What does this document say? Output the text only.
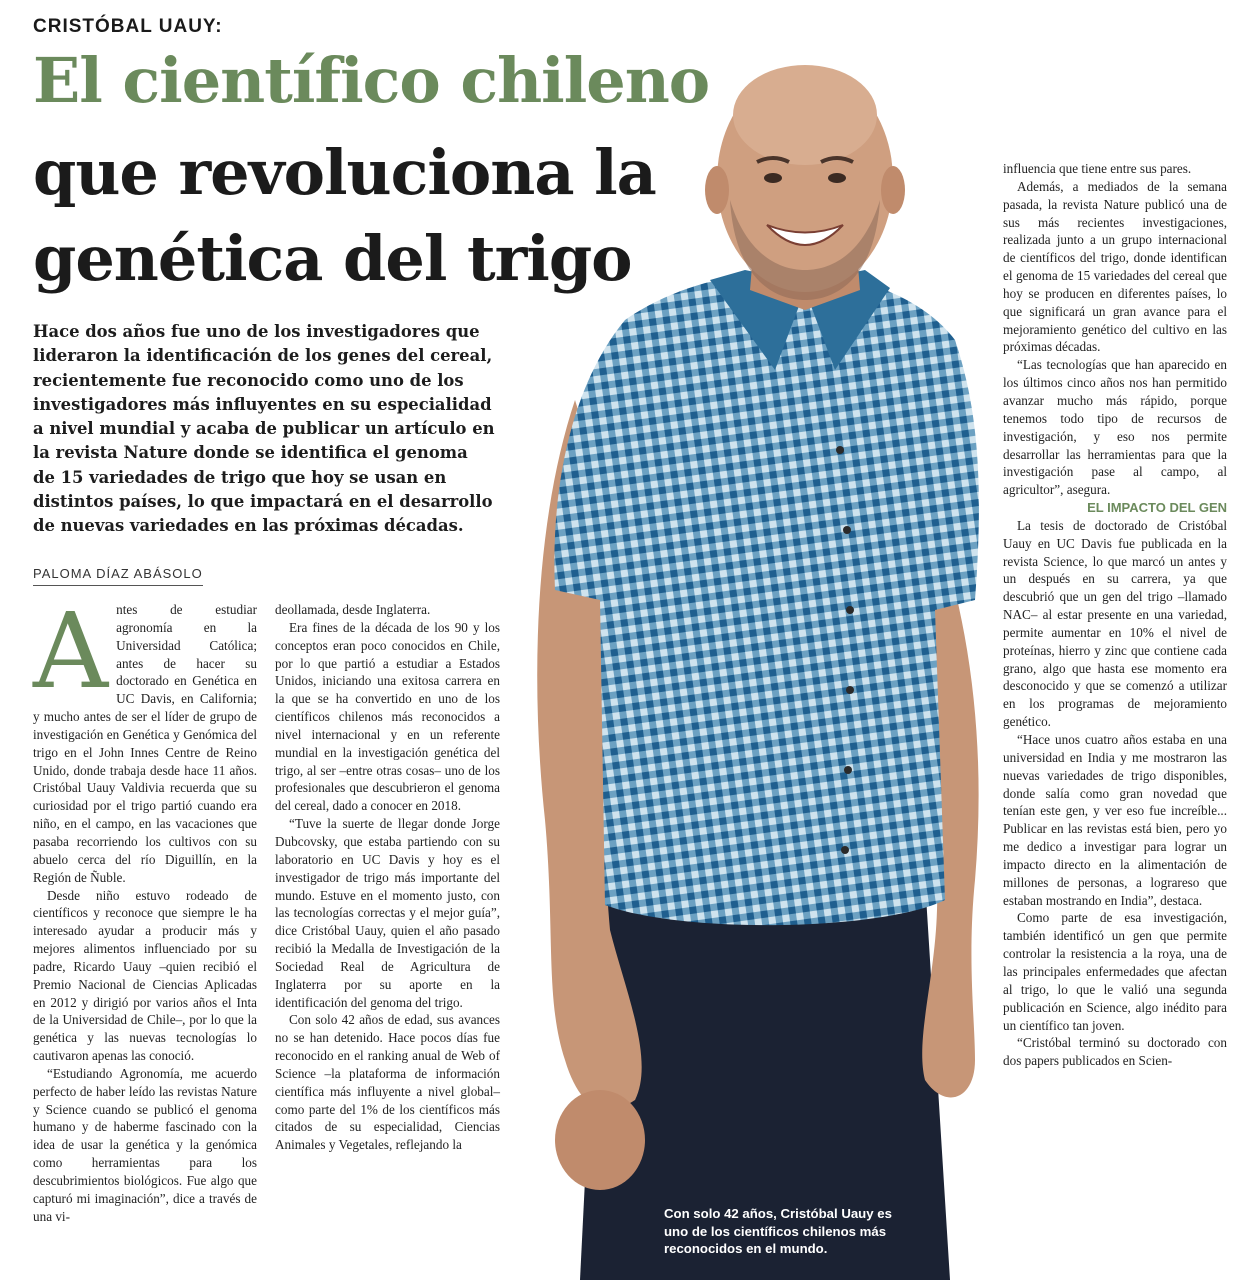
CRISTÓBAL UAUY:
El científico chileno
que revoluciona la
genética del trigo
Hace dos años fue uno de los investigadores que lideraron la identificación de los genes del cereal, recientemente fue reconocido como uno de los investigadores más influyentes en su especialidad a nivel mundial y acaba de publicar un artículo en la revista Nature donde se identifica el genoma de 15 variedades de trigo que hoy se usan en distintos países, lo que impactará en el desarrollo de nuevas variedades en las próximas décadas.
PALOMA DÍAZ ABÁSOLO
A ntes de estudiar agronomía en la Universidad Católica; antes de hacer su doctorado en Genética en UC Davis, en California; y mucho antes de ser el líder de grupo de investigación en Genética y Genómica del trigo en el John Innes Centre de Reino Unido, donde trabaja desde hace 11 años. Cristóbal Uauy Valdivia recuerda que su curiosidad por el trigo partió cuando era niño, en el campo, en las vacaciones que pasaba recorriendo los cultivos con su abuelo cerca del río Diguillín, en la Región de Ñuble.

Desde niño estuvo rodeado de científicos y reconoce que siempre le ha interesado ayudar a producir más y mejores alimentos influenciado por su padre, Ricardo Uauy –quien recibió el Premio Nacional de Ciencias Aplicadas en 2012 y dirigió por varios años el Inta de la Universidad de Chile–, por lo que la genética y las nuevas tecnologías lo cautivaron apenas las conoció.

“Estudiando Agronomía, me acuerdo perfecto de haber leído las revistas Nature y Science cuando se publicó el genoma humano y de haberme fascinado con la idea de usar la genética y la genómica como herramientas para los descubrimientos biológicos. Fue algo que capturó mi imaginación”, dice a través de una vi-

deollamada, desde Inglaterra.

Era fines de la década de los 90 y los conceptos eran poco conocidos en Chile, por lo que partió a estudiar a Estados Unidos, iniciando una exitosa carrera en la que se ha convertido en uno de los científicos chilenos más reconocidos a nivel internacional y en un referente mundial en la investigación genética del trigo, al ser –entre otras cosas– uno de los profesionales que descubrieron el genoma del cereal, dado a conocer en 2018.

“Tuve la suerte de llegar donde Jorge Dubcovsky, que estaba partiendo con su laboratorio en UC Davis y hoy es el investigador de trigo más importante del mundo. Estuve en el momento justo, con las tecnologías correctas y el mejor guía”, dice Cristóbal Uauy, quien el año pasado recibió la Medalla de Investigación de la Sociedad Real de Agricultura de Inglaterra por su aporte en la identificación del genoma del trigo.

Con solo 42 años de edad, sus avances no se han detenido. Hace pocos días fue reconocido en el ranking anual de Web of Science –la plataforma de información científica más influyente a nivel global– como parte del 1% de los científicos más citados de su especialidad, Ciencias Animales y Vegetales, reflejando la

Con solo 42 años, Cristóbal Uauy es uno de los científicos chilenos más reconocidos en el mundo.

influencia que tiene entre sus pares.

Además, a mediados de la semana pasada, la revista Nature publicó una de sus más recientes investigaciones, realizada junto a un grupo internacional de científicos del trigo, donde identifican el genoma de 15 variedades del cereal que hoy se producen en diferentes países, lo que significará un gran avance para el mejoramiento genético del cultivo en las próximas décadas.

“Las tecnologías que han aparecido en los últimos cinco años nos han permitido avanzar mucho más rápido, porque tenemos todo tipo de recursos de investigación, y eso nos permite desarrollar las herramientas para que la investigación pase al campo, al agricultor”, asegura.

EL IMPACTO DEL GEN

La tesis de doctorado de Cristóbal Uauy en UC Davis fue publicada en la revista Science, lo que marcó un antes y un después en su carrera, ya que descubrió que un gen del trigo –llamado NAC– al estar presente en una variedad, permite aumentar en 10% el nivel de proteínas, hierro y zinc que contiene cada grano, algo que hasta ese momento era desconocido y que se comenzó a utilizar en los programas de mejoramiento genético.

“Hace unos cuatro años estaba en una universidad en India y me mostraron las nuevas variedades de trigo disponibles, donde salía como gran novedad que tenían este gen, y ver eso fue increíble... Publicar en las revistas está bien, pero yo me dedico a investigar para lograr un impacto directo en la alimentación de millones de personas, a lograreso que estaban mostrando en India”, destaca.

Como parte de esa investigación, también identificó un gen que permite controlar la resistencia a la roya, una de las principales enfermedades que afectan al trigo, lo que le valió una segunda publicación en Science, algo inédito para un científico tan joven.

“Cristóbal terminó su doctorado con dos papers publicados en Scien-
